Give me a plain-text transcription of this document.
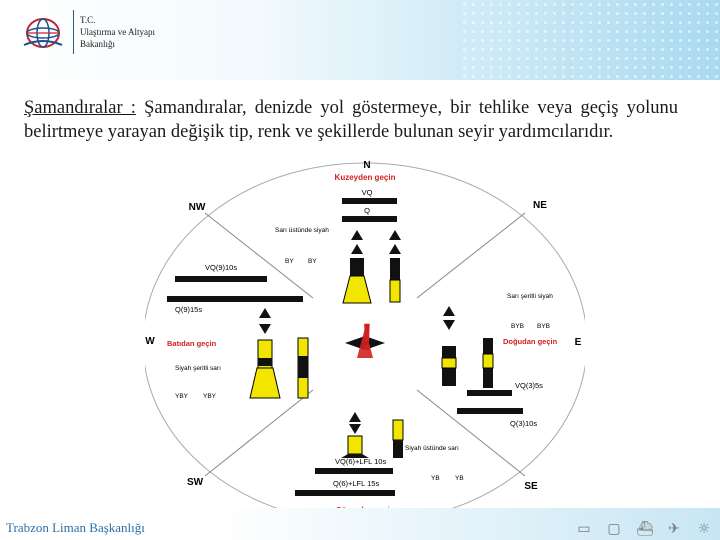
T.C.
Ulaştırma ve Altyapı
Bakanlığı
Şamandıralar : Şamandıralar, denizde yol göstermeye, bir tehlike veya geçiş yolunu belirtmeye yarayan değişik tip, renk ve şekillerde bulunan seyir yardımcılarıdır.
N
NE
E
SE
SW
W
NW
!
Kuzeyden geçin
VQ
Q
Sarı üstünde siyah
BY BY
VQ(9)10s
Q(9)15s
Batıdan geçin
Siyah şeritli sarı
YBY YBY
Sarı şeritli siyah
BYB BYB
Doğudan geçin
VQ(3)5s
Q(3)10s
Siyah üstünde sarı
YB YB
VQ(6)+LFL 10s
Q(6)+LFL 15s
Trabzon Liman Başkanlığı	▭ ▢ ⛴ ✈ ☼
